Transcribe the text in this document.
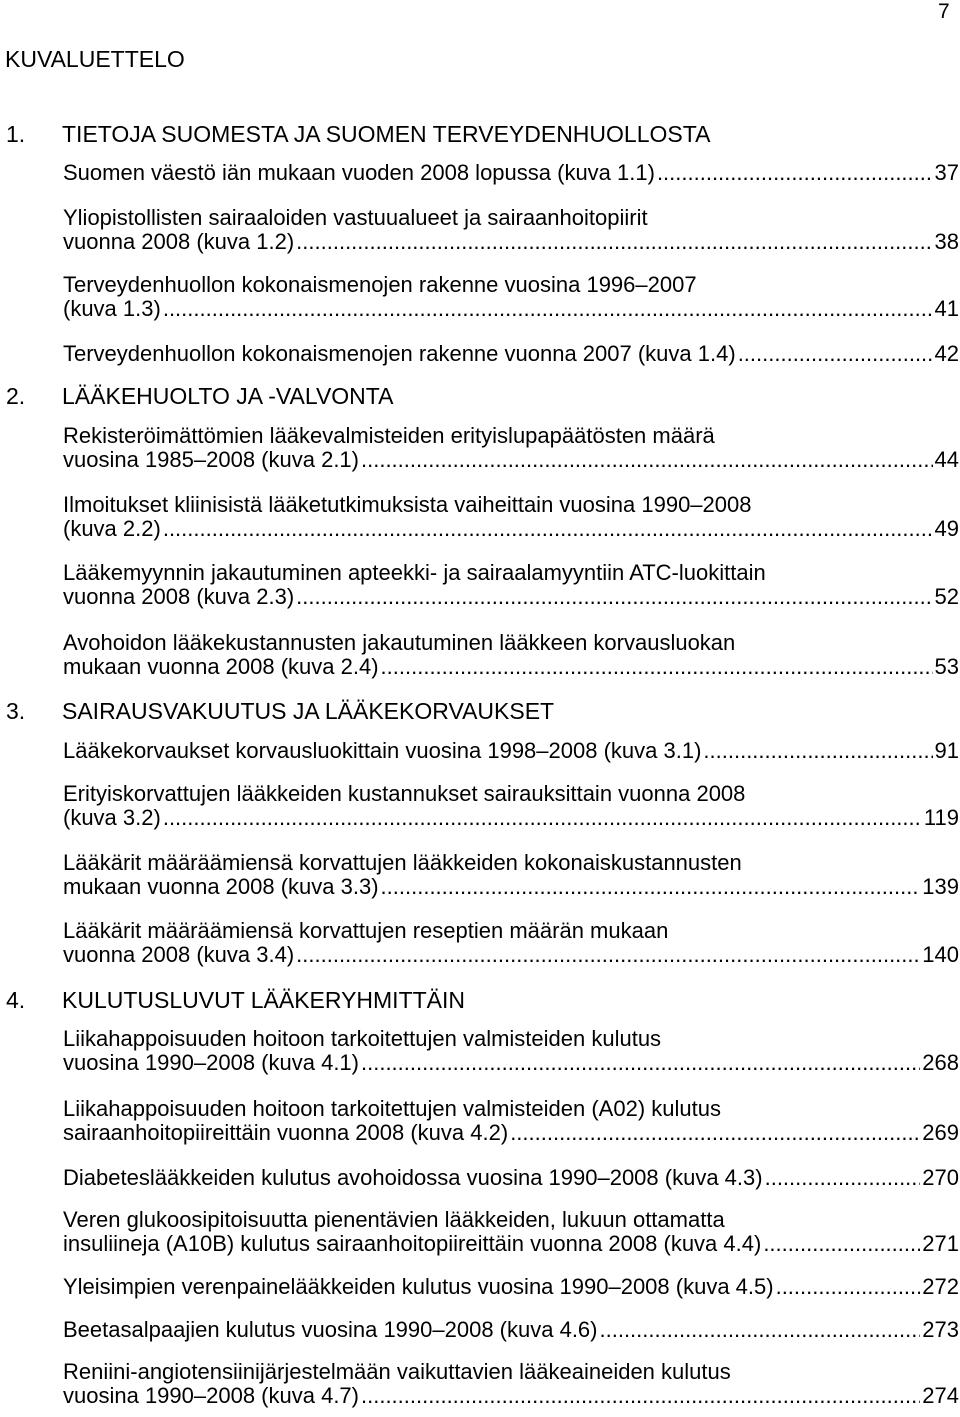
7
KUVALUETTELO
1. TIETOJA SUOMESTA JA SUOMEN TERVEYDENHUOLLOSTA
Suomen väestö iän mukaan vuoden 2008 lopussa (kuva 1.1) .....	37
Yliopistollisten sairaaloiden vastuualueet ja sairaanhoitopiirit
vuonna 2008 (kuva 1.2) .....	38
Terveydenhuollon kokonaismenojen rakenne vuosina 1996–2007
(kuva 1.3) .....	41
Terveydenhuollon kokonaismenojen rakenne vuonna 2007 (kuva 1.4) .....	42
2. LÄÄKEHUOLTO JA -VALVONTA
Rekisteröimättömien lääkevalmisteiden erityislupapäätösten määrä
vuosina 1985–2008 (kuva 2.1) .....	44
Ilmoitukset kliinisistä lääketutkimuksista vaiheittain vuosina 1990–2008
(kuva 2.2) .....	49
Lääkemyynnin jakautuminen apteekki- ja sairaalamyyntiin ATC-luokittain
vuonna 2008 (kuva 2.3) .....	52
Avohoidon lääkekustannusten jakautuminen lääkkeen korvausluokan
mukaan vuonna 2008 (kuva 2.4) .....	53
3. SAIRAUSVAKUUTUS JA LÄÄKEKORVAUKSET
Lääkekorvaukset korvausluokittain vuosina 1998–2008 (kuva 3.1) .....	91
Erityiskorvattujen lääkkeiden kustannukset sairauksittain vuonna 2008
(kuva 3.2) .....	119
Lääkärit määräämiensä korvattujen lääkkeiden kokonaiskustannusten
mukaan vuonna 2008 (kuva 3.3) .....	139
Lääkärit määräämiensä korvattujen reseptien määrän mukaan
vuonna 2008 (kuva 3.4) .....	140
4. KULUTUSLUVUT LÄÄKERYHMITTÄIN
Liikahappoisuuden hoitoon tarkoitettujen valmisteiden kulutus
vuosina 1990–2008 (kuva 4.1) .....	268
Liikahappoisuuden hoitoon tarkoitettujen valmisteiden (A02) kulutus
sairaanhoitopiireittäin vuonna 2008 (kuva 4.2) .....	269
Diabeteslääkkeiden kulutus avohoidossa vuosina 1990–2008 (kuva 4.3) .....	270
Veren glukoosipitoisuutta pienentävien lääkkeiden, lukuun ottamatta
insuliineja (A10B) kulutus sairaanhoitopiireittäin vuonna 2008 (kuva 4.4) .....	271
Yleisimpien verenpainelääkkeiden kulutus vuosina 1990–2008 (kuva 4.5) .....	272
Beetasalpaajien kulutus vuosina 1990–2008 (kuva 4.6) .....	273
Reniini-angiotensiinijärjestelmään vaikuttavien lääkeaineiden kulutus
vuosina 1990–2008 (kuva 4.7) .....	274
